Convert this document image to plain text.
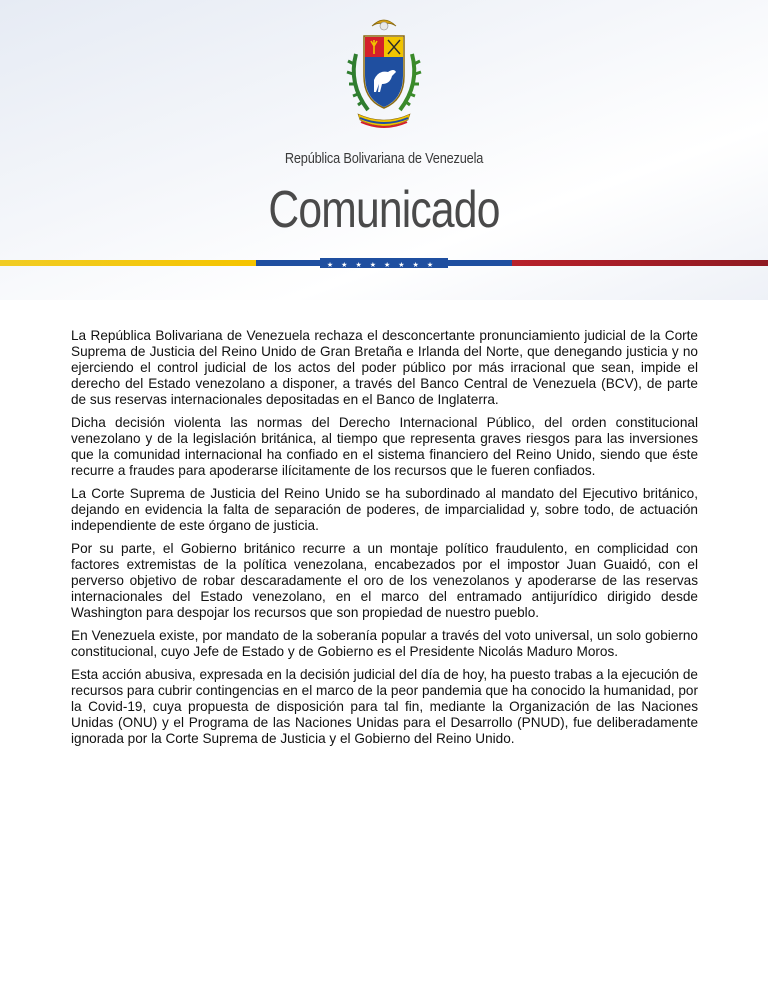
República Bolivariana de Venezuela
Comunicado
★★★★★★★★

La República Bolivariana de Venezuela rechaza el desconcertante pronunciamiento judicial de la Corte Suprema de Justicia del Reino Unido de Gran Bretaña e Irlanda del Norte, que denegando justicia y no ejerciendo el control judicial de los actos del poder público por más irracional que sean, impide el derecho del Estado venezolano a disponer, a través del Banco Central de Venezuela (BCV), de parte de sus reservas internacionales depositadas en el Banco de Inglaterra.

Dicha decisión violenta las normas del Derecho Internacional Público, del orden constitucional venezolano y de la legislación británica, al tiempo que representa graves riesgos para las inversiones que la comunidad internacional ha confiado en el sistema financiero del Reino Unido, siendo que éste recurre a fraudes para apoderarse ilícitamente de los recursos que le fueren confiados.

La Corte Suprema de Justicia del Reino Unido se ha subordinado al mandato del Ejecutivo británico, dejando en evidencia la falta de separación de poderes, de imparcialidad y, sobre todo, de actuación independiente de este órgano de justicia.

Por su parte, el Gobierno británico recurre a un montaje político fraudulento, en complicidad con factores extremistas de la política venezolana, encabezados por el impostor Juan Guaidó, con el perverso objetivo de robar descaradamente el oro de los venezolanos y apoderarse de las reservas internacionales del Estado venezolano, en el marco del entramado antijurídico dirigido desde Washington para despojar los recursos que son propiedad de nuestro pueblo.

En Venezuela existe, por mandato de la soberanía popular a través del voto universal, un solo gobierno constitucional, cuyo Jefe de Estado y de Gobierno es el Presidente Nicolás Maduro Moros.

Esta acción abusiva, expresada en la decisión judicial del día de hoy, ha puesto trabas a la ejecución de recursos para cubrir contingencias en el marco de la peor pandemia que ha conocido la humanidad, por la Covid-19, cuya propuesta de disposición para tal fin, mediante la Organización de las Naciones Unidas (ONU) y el Programa de las Naciones Unidas para el Desarrollo (PNUD), fue deliberadamente ignorada por la Corte Suprema de Justicia y el Gobierno del Reino Unido.
